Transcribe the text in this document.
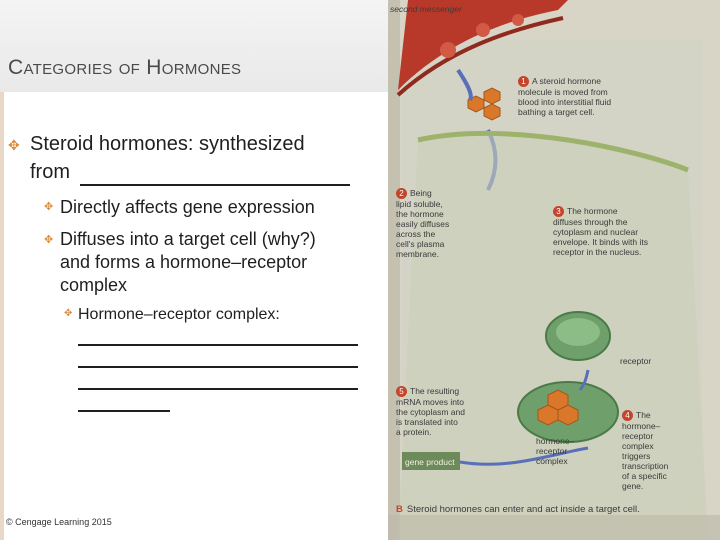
Categories of Hormones
✥ Steroid hormones: synthesized
from
✥ Directly affects gene expression
✥ Diffuses into a target cell (why?)
and forms a hormone–receptor
complex
✥ Hormone–receptor complex:
© Cengage Learning 2015
second messenger

1 A steroid hormone
molecule is moved from
blood into interstitial fluid
bathing a target cell.

2 Being
lipid soluble,
the hormone
easily diffuses
across the
cell's plasma
membrane.

3 The hormone
diffuses through the
cytoplasm and nuclear
envelope. It binds with its
receptor in the nucleus.

receptor

5 The resulting
mRNA moves into
the cytoplasm and
is translated into
a protein.

hormone–
receptor
complex

4 The
hormone–
receptor
complex
triggers
transcription
of a specific
gene.

gene product

B Steroid hormones can enter and act inside a target cell.
